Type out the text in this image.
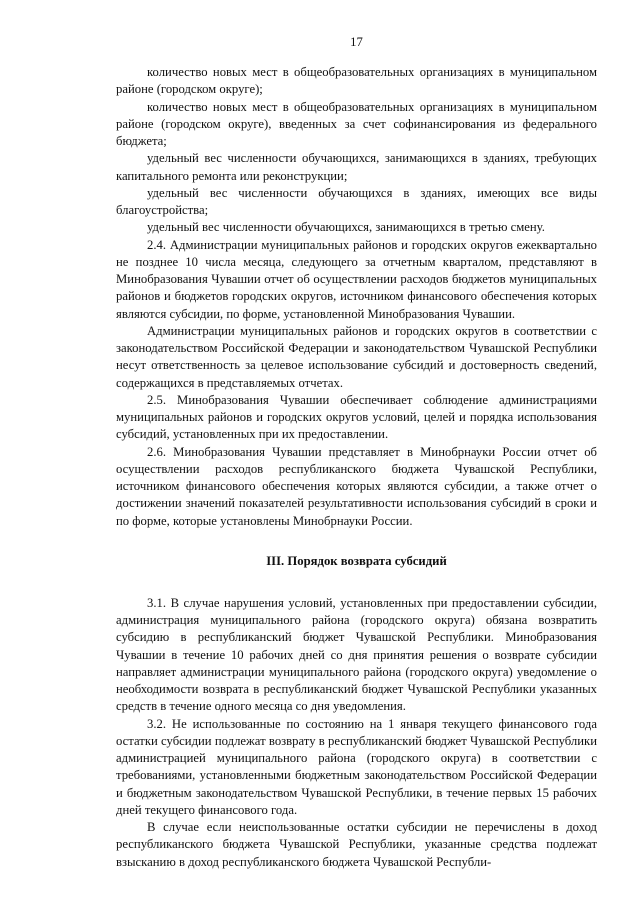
17

количество новых мест в общеобразовательных организациях в муниципальном районе (городском округе);

количество новых мест в общеобразовательных организациях в муниципальном районе (городском округе), введенных за счет софинансирования из федерального бюджета;

удельный вес численности обучающихся, занимающихся в зданиях, требующих капитального ремонта или реконструкции;

удельный вес численности обучающихся в зданиях, имеющих все виды благоустройства;

удельный вес численности обучающихся, занимающихся в третью смену.

2.4. Администрации муниципальных районов и городских округов ежеквартально не позднее 10 числа месяца, следующего за отчетным кварталом, представляют в Минобразования Чувашии отчет об осуществлении расходов бюджетов муниципальных районов и бюджетов городских округов, источником финансового обеспечения которых являются субсидии, по форме, установленной Минобразования Чувашии.

Администрации муниципальных районов и городских округов в соответствии с законодательством Российской Федерации и законодательством Чувашской Республики несут ответственность за целевое использование субсидий и достоверность сведений, содержащихся в представляемых отчетах.

2.5. Минобразования Чувашии обеспечивает соблюдение администрациями муниципальных районов и городских округов условий, целей и порядка использования субсидий, установленных при их предоставлении.

2.6. Минобразования Чувашии представляет в Минобрнауки России отчет об осуществлении расходов республиканского бюджета Чувашской Республики, источником финансового обеспечения которых являются субсидии, а также отчет о достижении значений показателей результативности использования субсидий в сроки и по форме, которые установлены Минобрнауки России.

III. Порядок возврата субсидий

3.1. В случае нарушения условий, установленных при предоставлении субсидии, администрация муниципального района (городского округа) обязана возвратить субсидию в республиканский бюджет Чувашской Республики. Минобразования Чувашии в течение 10 рабочих дней со дня принятия решения о возврате субсидии направляет администрации муниципального района (городского округа) уведомление о необходимости возврата в республиканский бюджет Чувашской Республики указанных средств в течение одного месяца со дня уведомления.

3.2. Не использованные по состоянию на 1 января текущего финансового года остатки субсидии подлежат возврату в республиканский бюджет Чувашской Республики администрацией муниципального района (городского округа) в соответствии с требованиями, установленными бюджетным законодательством Российской Федерации и бюджетным законодательством Чувашской Республики, в течение первых 15 рабочих дней текущего финансового года.

В случае если неиспользованные остатки субсидии не перечислены в доход республиканского бюджета Чувашской Республики, указанные средства подлежат взысканию в доход республиканского бюджета Чувашской Республи-
